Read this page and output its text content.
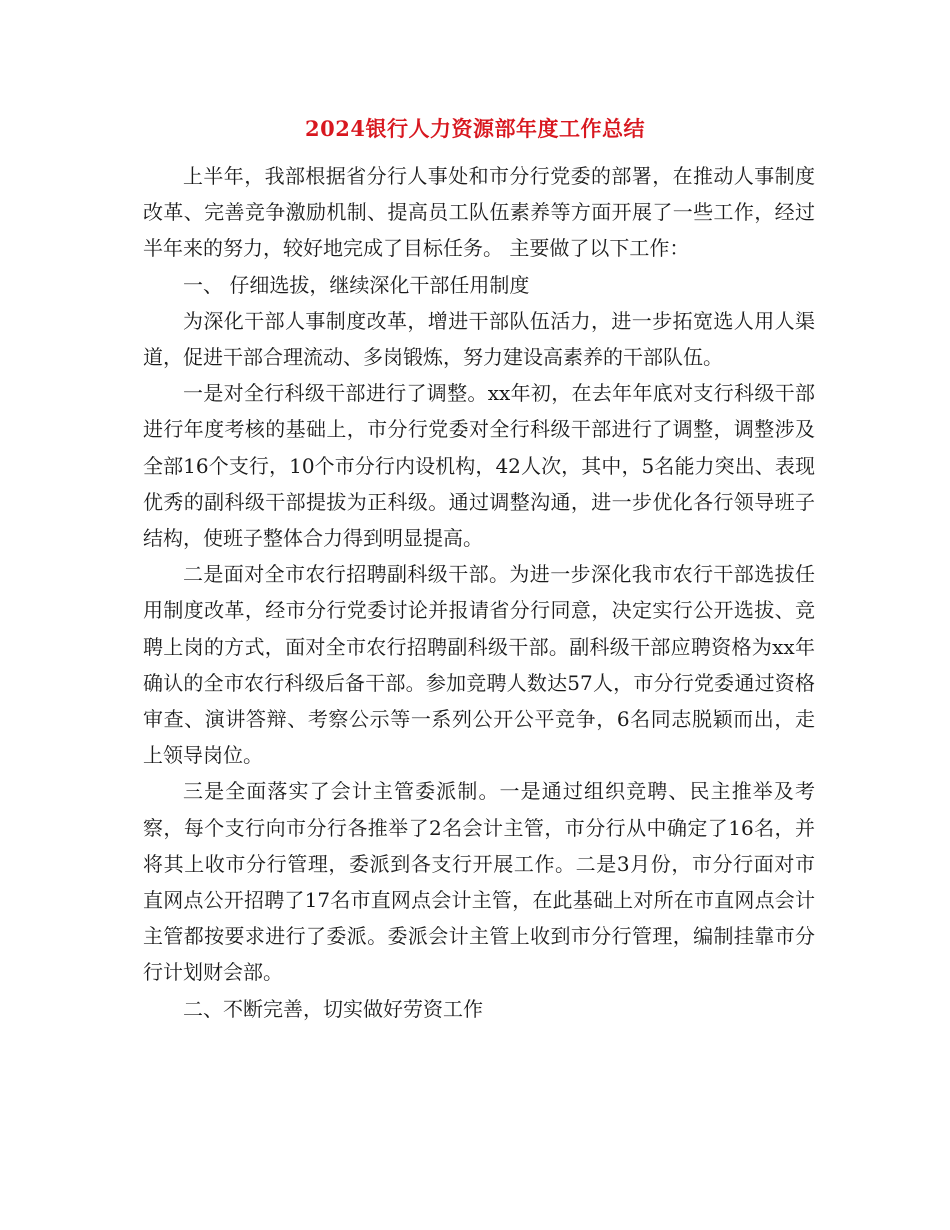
2024银行人力资源部年度工作总结

上半年，我部根据省分行人事处和市分行党委的部署，在推动人事制度改革、完善竞争激励机制、提高员工队伍素养等方面开展了一些工作，经过半年来的努力，较好地完成了目标任务。 主要做了以下工作：

一、 仔细选拔，继续深化干部任用制度

为深化干部人事制度改革，增进干部队伍活力，进一步拓宽选人用人渠道，促进干部合理流动、多岗锻炼，努力建设高素养的干部队伍。

一是对全行科级干部进行了调整。xx年初，在去年年底对支行科级干部进行年度考核的基础上，市分行党委对全行科级干部进行了调整，调整涉及全部16个支行，10个市分行内设机构，42人次，其中，5名能力突出、表现优秀的副科级干部提拔为正科级。通过调整沟通，进一步优化各行领导班子结构，使班子整体合力得到明显提高。

二是面对全市农行招聘副科级干部。为进一步深化我市农行干部选拔任用制度改革，经市分行党委讨论并报请省分行同意，决定实行公开选拔、竞聘上岗的方式，面对全市农行招聘副科级干部。副科级干部应聘资格为xx年确认的全市农行科级后备干部。参加竞聘人数达57人，市分行党委通过资格审查、演讲答辩、考察公示等一系列公开公平竞争，6名同志脱颖而出，走上领导岗位。

三是全面落实了会计主管委派制。一是通过组织竞聘、民主推举及考察，每个支行向市分行各推举了2名会计主管，市分行从中确定了16名，并将其上收市分行管理，委派到各支行开展工作。二是3月份，市分行面对市直网点公开招聘了17名市直网点会计主管，在此基础上对所在市直网点会计主管都按要求进行了委派。委派会计主管上收到市分行管理，编制挂靠市分行计划财会部。

二、不断完善，切实做好劳资工作
